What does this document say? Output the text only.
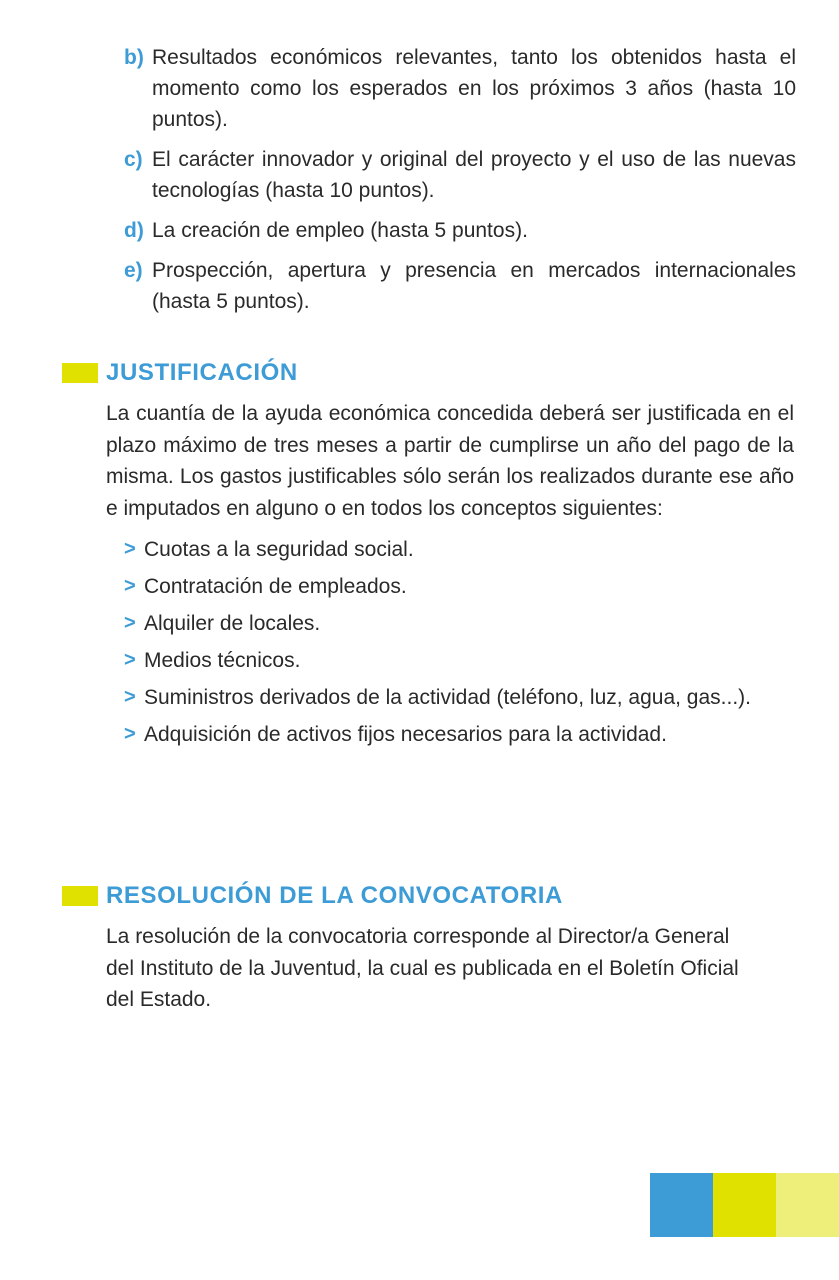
b) Resultados económicos relevantes, tanto los obtenidos hasta el momento como los esperados en los próximos 3 años (hasta 10 puntos).
c) El carácter innovador y original del proyecto y el uso de las nuevas tecnologías (hasta 10 puntos).
d) La creación de empleo (hasta 5 puntos).
e) Prospección, apertura y presencia en mercados internacionales (hasta 5 puntos).
JUSTIFICACIÓN
La cuantía de la ayuda económica concedida deberá ser justificada en el plazo máximo de tres meses a partir de cumplirse un año del pago de la misma. Los gastos justificables sólo serán los realizados durante ese año e imputados en alguno o en todos los conceptos siguientes:
> Cuotas a la seguridad social.
> Contratación de empleados.
> Alquiler de locales.
> Medios técnicos.
> Suministros derivados de la actividad (teléfono, luz, agua, gas...).
> Adquisición de activos fijos necesarios para la actividad.
RESOLUCIÓN DE LA CONVOCATORIA
La resolución de la convocatoria corresponde al Director/a General del Instituto de la Juventud, la cual es publicada en el Boletín Oficial del Estado.
